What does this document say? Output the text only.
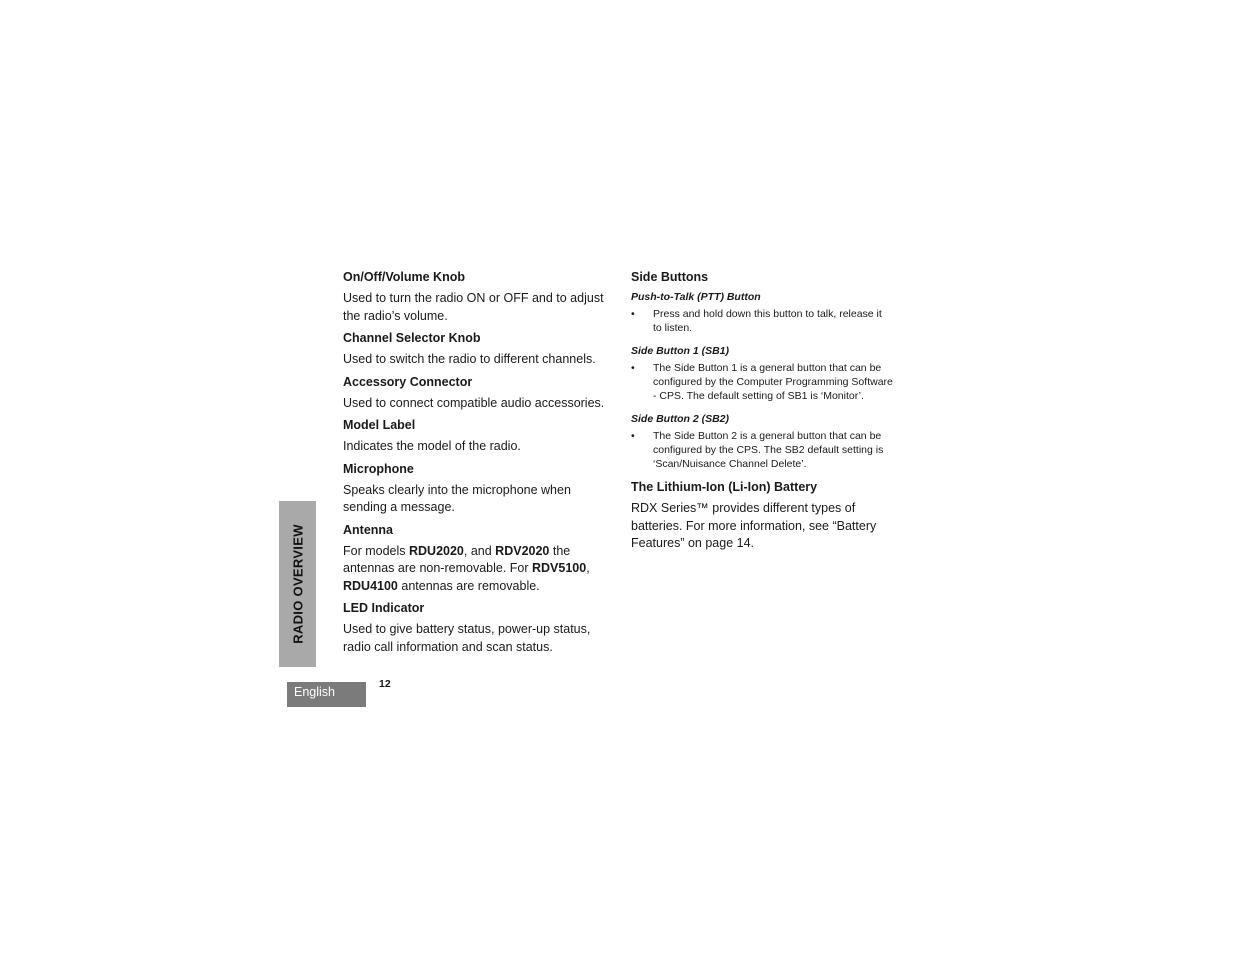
On/Off/Volume Knob

Used to turn the radio ON or OFF and to adjust the radio’s volume.

Channel Selector Knob

Used to switch the radio to different channels.

Accessory Connector

Used to connect compatible audio accessories.

Model Label

Indicates the model of the radio.

Microphone

Speaks clearly into the microphone when sending a message.

Antenna

For models RDU2020, and RDV2020 the antennas are non-removable. For RDV5100, RDU4100 antennas are removable.

LED Indicator

Used to give battery status, power-up status, radio call information and scan status.

Side Buttons

Push-to-Talk (PTT) Button

• Press and hold down this button to talk, release it to listen.

Side Button 1 (SB1)

• The Side Button 1 is a general button that can be configured by the Computer Programming Software - CPS. The default setting of SB1 is ‘Monitor’.

Side Button 2 (SB2)

• The Side Button 2 is a general button that can be configured by the CPS. The SB2 default setting is ‘Scan/Nuisance Channel Delete’.

The Lithium-Ion (Li-Ion) Battery

RDX Series™ provides different types of batteries. For more information, see “Battery Features” on page 14.

RADIO OVERVIEW
English
12
